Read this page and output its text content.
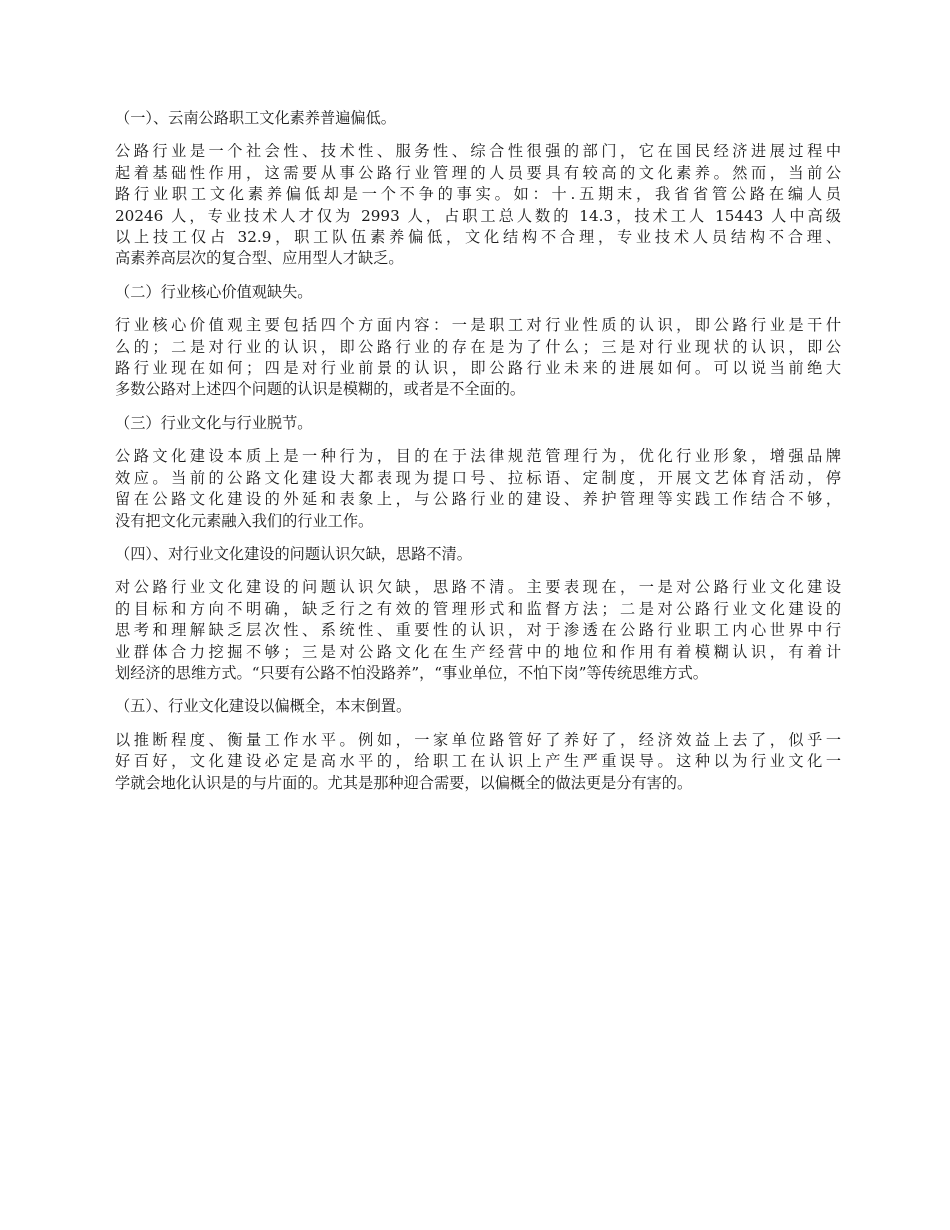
（一）、云南公路职工文化素养普遍偏低。

公路行业是一个社会性、技术性、服务性、综合性很强的部门，它在国民经济进展过程中
起着基础性作用，这需要从事公路行业管理的人员要具有较高的文化素养。然而，当前公
路行业职工文化素养偏低却是一个不争的事实。如：十.五期末，我省省管公路在编人员
20246 人，专业技术人才仅为 2993 人，占职工总人数的 14.3，技术工人 15443 人中高级
以上技工仅占 32.9，职工队伍素养偏低，文化结构不合理，专业技术人员结构不合理、
高素养高层次的复合型、应用型人才缺乏。

（二）行业核心价值观缺失。

行业核心价值观主要包括四个方面内容：一是职工对行业性质的认识，即公路行业是干什
么的；二是对行业的认识，即公路行业的存在是为了什么；三是对行业现状的认识，即公
路行业现在如何；四是对行业前景的认识，即公路行业未来的进展如何。可以说当前绝大
多数公路对上述四个问题的认识是模糊的，或者是不全面的。

（三）行业文化与行业脱节。

公路文化建设本质上是一种行为，目的在于法律规范管理行为，优化行业形象，增强品牌
效应。当前的公路文化建设大都表现为提口号、拉标语、定制度，开展文艺体育活动，停
留在公路文化建设的外延和表象上，与公路行业的建设、养护管理等实践工作结合不够，
没有把文化元素融入我们的行业工作。

（四）、对行业文化建设的问题认识欠缺，思路不清。

对公路行业文化建设的问题认识欠缺，思路不清。主要表现在，一是对公路行业文化建设
的目标和方向不明确，缺乏行之有效的管理形式和监督方法；二是对公路行业文化建设的
思考和理解缺乏层次性、系统性、重要性的认识，对于渗透在公路行业职工内心世界中行
业群体合力挖掘不够；三是对公路文化在生产经营中的地位和作用有着模糊认识，有着计
划经济的思维方式。“只要有公路不怕没路养”，“事业单位，不怕下岗”等传统思维方式。

（五）、行业文化建设以偏概全，本末倒置。

以推断程度、衡量工作水平。例如，一家单位路管好了养好了，经济效益上去了，似乎一
好百好，文化建设必定是高水平的，给职工在认识上产生严重误导。这种以为行业文化一
学就会地化认识是的与片面的。尤其是那种迎合需要，以偏概全的做法更是分有害的。
